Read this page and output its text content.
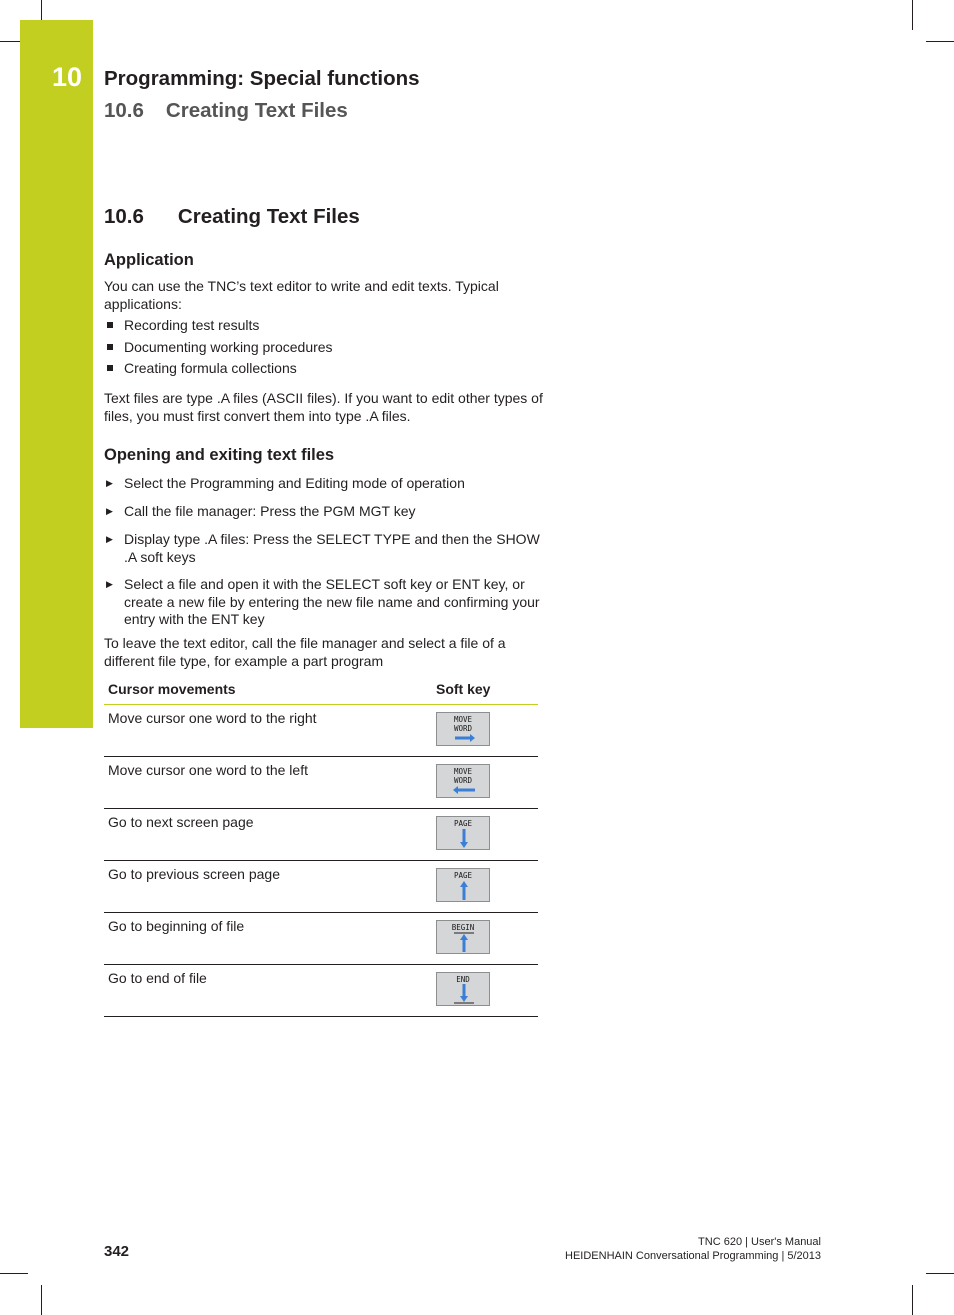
10 Programming: Special functions
10.6 Creating Text Files
10.6 Creating Text Files
Application
You can use the TNC’s text editor to write and edit texts. Typical applications:
Recording test results
Documenting working procedures
Creating formula collections
Text files are type .A files (ASCII files). If you want to edit other types of files, you must first convert them into type .A files.
Opening and exiting text files
▶ Select the Programming and Editing mode of operation
▶ Call the file manager: Press the PGM MGT key
▶ Display type .A files: Press the SELECT TYPE and then the SHOW .A soft keys
▶ Select a file and open it with the SELECT soft key or ENT key, or create a new file by entering the new file name and confirming your entry with the ENT key
To leave the text editor, call the file manager and select a file of a different file type, for example a part program
Cursor movements	Soft key
Move cursor one word to the right	MOVE
WORD

Move cursor one word to the left	MOVE
WORD

Go to next screen page	PAGE

Go to previous screen page	PAGE

Go to beginning of file	BEGIN

Go to end of file	END
342
TNC 620 | User's Manual
HEIDENHAIN Conversational Programming | 5/2013
